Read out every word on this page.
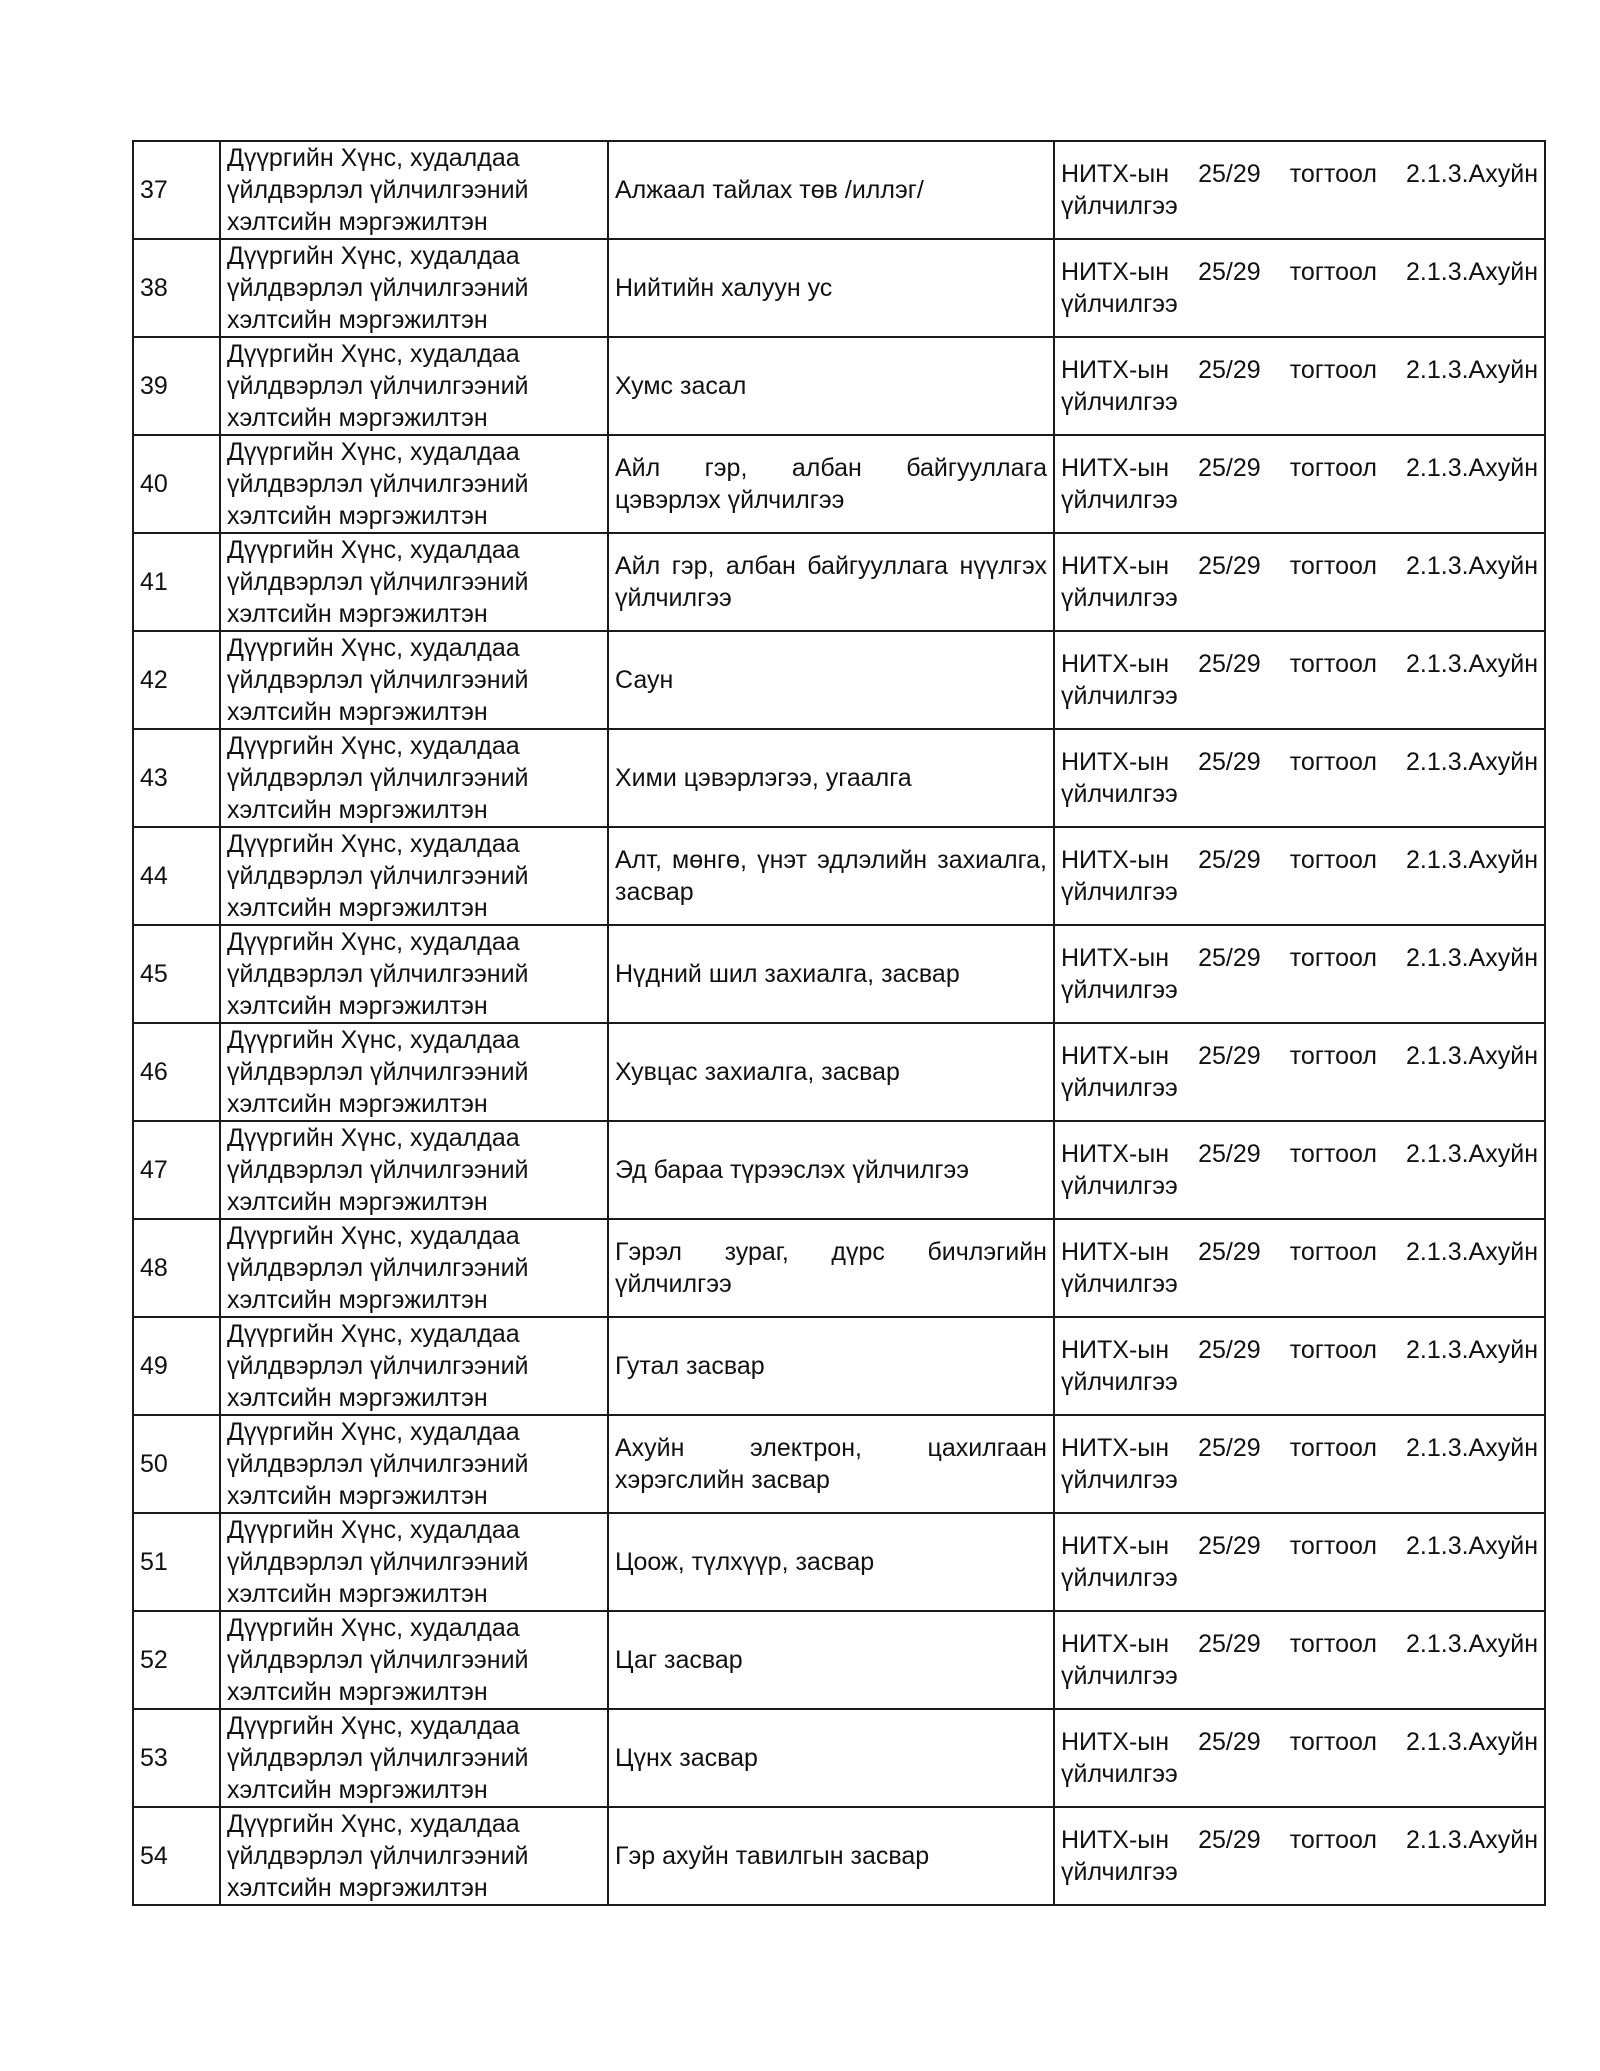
37	Дүүргийн Хүнс, худалдаа үйлдвэрлэл үйлчилгээний хэлтсийн мэргэжилтэн	Алжаал тайлах төв /иллэг/	НИТХ-ын 25/29 тогтоол 2.1.3.Ахуйн үйлчилгээ
38	Дүүргийн Хүнс, худалдаа үйлдвэрлэл үйлчилгээний хэлтсийн мэргэжилтэн	Нийтийн халуун ус	НИТХ-ын 25/29 тогтоол 2.1.3.Ахуйн үйлчилгээ
39	Дүүргийн Хүнс, худалдаа үйлдвэрлэл үйлчилгээний хэлтсийн мэргэжилтэн	Хумс засал	НИТХ-ын 25/29 тогтоол 2.1.3.Ахуйн үйлчилгээ
40	Дүүргийн Хүнс, худалдаа үйлдвэрлэл үйлчилгээний хэлтсийн мэргэжилтэн	Айл гэр, албан байгууллага цэвэрлэх үйлчилгээ	НИТХ-ын 25/29 тогтоол 2.1.3.Ахуйн үйлчилгээ
41	Дүүргийн Хүнс, худалдаа үйлдвэрлэл үйлчилгээний хэлтсийн мэргэжилтэн	Айл гэр, албан байгууллага нүүлгэх үйлчилгээ	НИТХ-ын 25/29 тогтоол 2.1.3.Ахуйн үйлчилгээ
42	Дүүргийн Хүнс, худалдаа үйлдвэрлэл үйлчилгээний хэлтсийн мэргэжилтэн	Саун	НИТХ-ын 25/29 тогтоол 2.1.3.Ахуйн үйлчилгээ
43	Дүүргийн Хүнс, худалдаа үйлдвэрлэл үйлчилгээний хэлтсийн мэргэжилтэн	Хими цэвэрлэгээ, угаалга	НИТХ-ын 25/29 тогтоол 2.1.3.Ахуйн үйлчилгээ
44	Дүүргийн Хүнс, худалдаа үйлдвэрлэл үйлчилгээний хэлтсийн мэргэжилтэн	Алт, мөнгө, үнэт эдлэлийн захиалга, засвар	НИТХ-ын 25/29 тогтоол 2.1.3.Ахуйн үйлчилгээ
45	Дүүргийн Хүнс, худалдаа үйлдвэрлэл үйлчилгээний хэлтсийн мэргэжилтэн	Нүдний шил захиалга, засвар	НИТХ-ын 25/29 тогтоол 2.1.3.Ахуйн үйлчилгээ
46	Дүүргийн Хүнс, худалдаа үйлдвэрлэл үйлчилгээний хэлтсийн мэргэжилтэн	Хувцас захиалга, засвар	НИТХ-ын 25/29 тогтоол 2.1.3.Ахуйн үйлчилгээ
47	Дүүргийн Хүнс, худалдаа үйлдвэрлэл үйлчилгээний хэлтсийн мэргэжилтэн	Эд бараа түрээслэх үйлчилгээ	НИТХ-ын 25/29 тогтоол 2.1.3.Ахуйн үйлчилгээ
48	Дүүргийн Хүнс, худалдаа үйлдвэрлэл үйлчилгээний хэлтсийн мэргэжилтэн	Гэрэл зураг, дүрс бичлэгийн үйлчилгээ	НИТХ-ын 25/29 тогтоол 2.1.3.Ахуйн үйлчилгээ
49	Дүүргийн Хүнс, худалдаа үйлдвэрлэл үйлчилгээний хэлтсийн мэргэжилтэн	Гутал засвар	НИТХ-ын 25/29 тогтоол 2.1.3.Ахуйн үйлчилгээ
50	Дүүргийн Хүнс, худалдаа үйлдвэрлэл үйлчилгээний хэлтсийн мэргэжилтэн	Ахуйн электрон, цахилгаан хэрэгслийн засвар	НИТХ-ын 25/29 тогтоол 2.1.3.Ахуйн үйлчилгээ
51	Дүүргийн Хүнс, худалдаа үйлдвэрлэл үйлчилгээний хэлтсийн мэргэжилтэн	Цоож, түлхүүр, засвар	НИТХ-ын 25/29 тогтоол 2.1.3.Ахуйн үйлчилгээ
52	Дүүргийн Хүнс, худалдаа үйлдвэрлэл үйлчилгээний хэлтсийн мэргэжилтэн	Цаг засвар	НИТХ-ын 25/29 тогтоол 2.1.3.Ахуйн үйлчилгээ
53	Дүүргийн Хүнс, худалдаа үйлдвэрлэл үйлчилгээний хэлтсийн мэргэжилтэн	Цүнх засвар	НИТХ-ын 25/29 тогтоол 2.1.3.Ахуйн үйлчилгээ
54	Дүүргийн Хүнс, худалдаа үйлдвэрлэл үйлчилгээний хэлтсийн мэргэжилтэн	Гэр ахуйн тавилгын засвар	НИТХ-ын 25/29 тогтоол 2.1.3.Ахуйн үйлчилгээ
